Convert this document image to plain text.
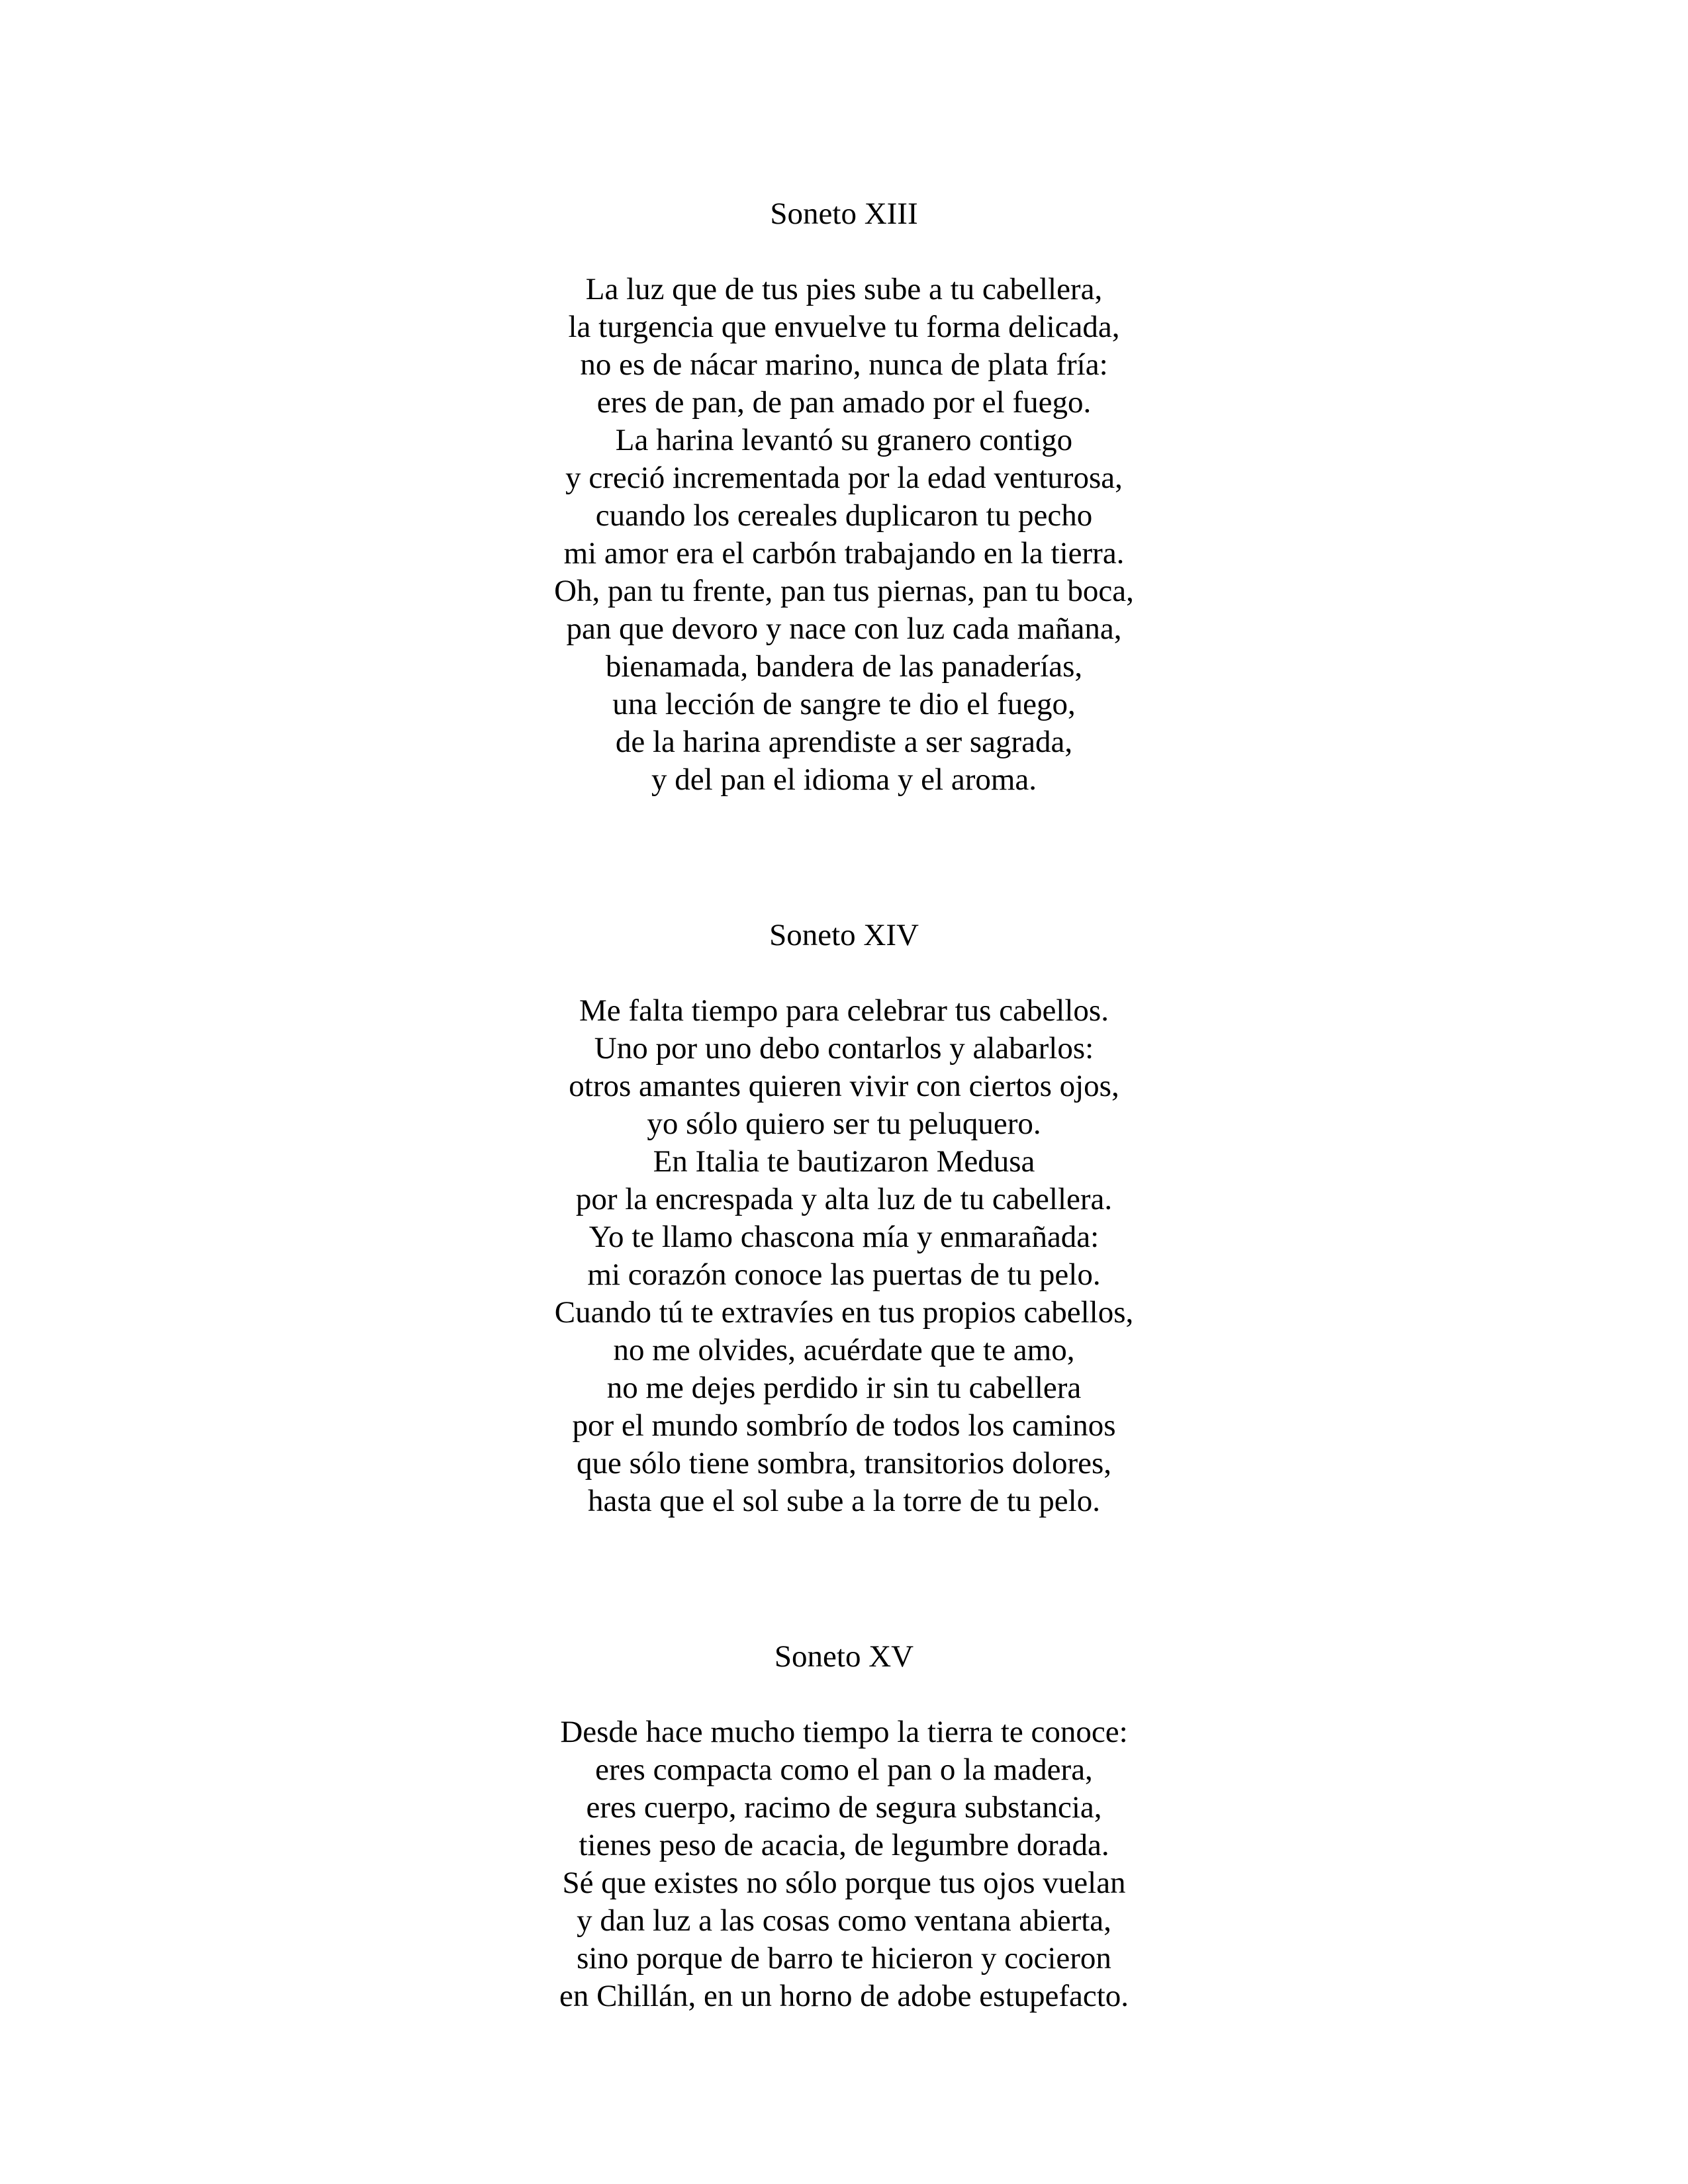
Soneto XIII
La luz que de tus pies sube a tu cabellera,
la turgencia que envuelve tu forma delicada,
no es de nácar marino, nunca de plata fría:
eres de pan, de pan amado por el fuego.
La harina levantó su granero contigo
y creció incrementada por la edad venturosa,
cuando los cereales duplicaron tu pecho
mi amor era el carbón trabajando en la tierra.
Oh, pan tu frente, pan tus piernas, pan tu boca,
pan que devoro y nace con luz cada mañana,
bienamada, bandera de las panaderías,
una lección de sangre te dio el fuego,
de la harina aprendiste a ser sagrada,
y del pan el idioma y el aroma.
Soneto XIV
Me falta tiempo para celebrar tus cabellos.
Uno por uno debo contarlos y alabarlos:
otros amantes quieren vivir con ciertos ojos,
yo sólo quiero ser tu peluquero.
En Italia te bautizaron Medusa
por la encrespada y alta luz de tu cabellera.
Yo te llamo chascona mía y enmarañada:
mi corazón conoce las puertas de tu pelo.
Cuando tú te extravíes en tus propios cabellos,
no me olvides, acuérdate que te amo,
no me dejes perdido ir sin tu cabellera
por el mundo sombrío de todos los caminos
que sólo tiene sombra, transitorios dolores,
hasta que el sol sube a la torre de tu pelo.
Soneto XV
Desde hace mucho tiempo la tierra te conoce:
eres compacta como el pan o la madera,
eres cuerpo, racimo de segura substancia,
tienes peso de acacia, de legumbre dorada.
Sé que existes no sólo porque tus ojos vuelan
y dan luz a las cosas como ventana abierta,
sino porque de barro te hicieron y cocieron
en Chillán, en un horno de adobe estupefacto.
